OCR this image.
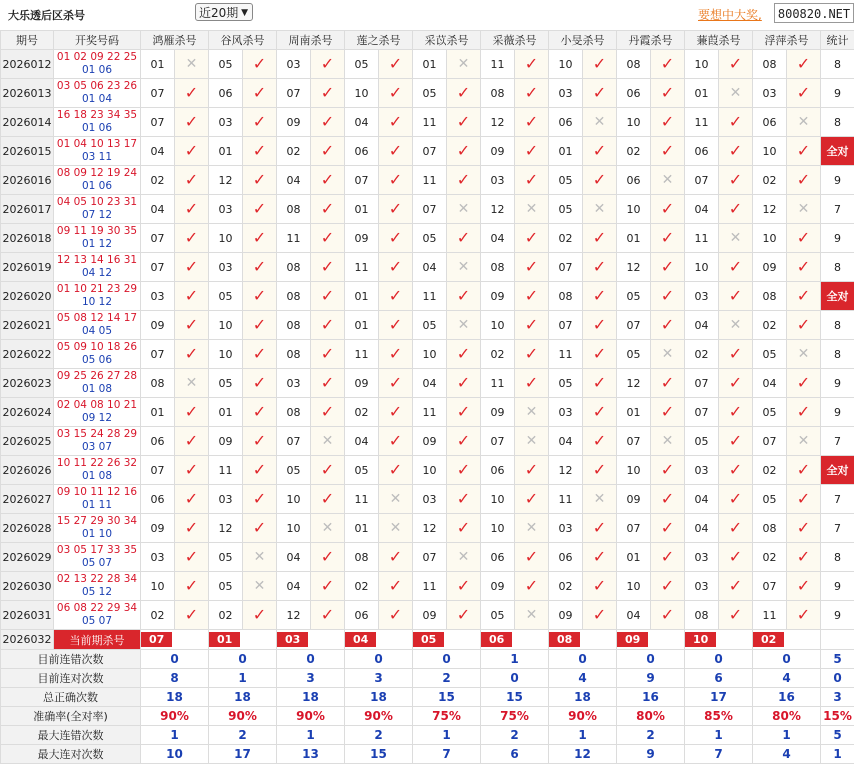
大乐透后区杀号	近20期 ▼	要想中大奖,	800820.NET
期号	开奖号码	鸿雁杀号		谷风杀号		周南杀号		莲之杀号		采苡杀号		采薇杀号		小旻杀号		丹霞杀号		蒹葭杀号		浮萍杀号		统计
2026012	01 02 09 22 25
01 06	01	✕	05	✓	03	✓	05	✓	01	✕	11	✓	10	✓	08	✓	10	✓	08	✓	8
2026013	03 05 06 23 26
01 04	07	✓	06	✓	07	✓	10	✓	05	✓	08	✓	03	✓	06	✓	01	✕	03	✓	9
2026014	16 18 23 34 35
01 06	07	✓	03	✓	09	✓	04	✓	11	✓	12	✓	06	✕	10	✓	11	✓	06	✕	8
2026015	01 04 10 13 17
03 11	04	✓	01	✓	02	✓	06	✓	07	✓	09	✓	01	✓	02	✓	06	✓	10	✓	全对
2026016	08 09 12 19 24
01 06	02	✓	12	✓	04	✓	07	✓	11	✓	03	✓	05	✓	06	✕	07	✓	02	✓	9
2026017	04 05 10 23 31
07 12	04	✓	03	✓	08	✓	01	✓	07	✕	12	✕	05	✕	10	✓	04	✓	12	✕	7
2026018	09 11 19 30 35
01 12	07	✓	10	✓	11	✓	09	✓	05	✓	04	✓	02	✓	01	✓	11	✕	10	✓	9
2026019	12 13 14 16 31
04 12	07	✓	03	✓	08	✓	11	✓	04	✕	08	✓	07	✓	12	✓	10	✓	09	✓	8
2026020	01 10 21 23 29
10 12	03	✓	05	✓	08	✓	01	✓	11	✓	09	✓	08	✓	05	✓	03	✓	08	✓	全对
2026021	05 08 12 14 17
04 05	09	✓	10	✓	08	✓	01	✓	05	✕	10	✓	07	✓	07	✓	04	✕	02	✓	8
2026022	05 09 10 18 26
05 06	07	✓	10	✓	08	✓	11	✓	10	✓	02	✓	11	✓	05	✕	02	✓	05	✕	8
2026023	09 25 26 27 28
01 08	08	✕	05	✓	03	✓	09	✓	04	✓	11	✓	05	✓	12	✓	07	✓	04	✓	9
2026024	02 04 08 10 21
09 12	01	✓	01	✓	08	✓	02	✓	11	✓	09	✕	03	✓	01	✓	07	✓	05	✓	9
2026025	03 15 24 28 29
03 07	06	✓	09	✓	07	✕	04	✓	09	✓	07	✕	04	✓	07	✕	05	✓	07	✕	7
2026026	10 11 22 26 32
01 08	07	✓	11	✓	05	✓	05	✓	10	✓	06	✓	12	✓	10	✓	03	✓	02	✓	全对
2026027	09 10 11 12 16
01 11	06	✓	03	✓	10	✓	11	✕	03	✓	10	✓	11	✕	09	✓	04	✓	05	✓	7
2026028	15 27 29 30 34
01 10	09	✓	12	✓	10	✕	01	✕	12	✓	10	✕	03	✓	07	✓	04	✓	08	✓	7
2026029	03 05 17 33 35
05 07	03	✓	05	✕	04	✓	08	✓	07	✕	06	✓	06	✓	01	✓	03	✓	02	✓	8
2026030	02 13 22 28 34
05 12	10	✓	05	✕	04	✓	02	✓	11	✓	09	✓	02	✓	10	✓	03	✓	07	✓	9
2026031	06 08 22 29 34
05 07	02	✓	02	✓	12	✓	06	✓	09	✓	05	✕	09	✓	04	✓	08	✓	11	✓	9
2026032	当前期杀号	07		01		03		04		05		06		08		09		10		02		
目前连错次数		0		0		0		0		0		1		0		0		0		0		5
目前连对次数		8		1		3		3		2		0		4		9		6		4		0
总正确次数		18		18		18		18		15		15		18		16		17		16		3
准确率(全对率)		90%		90%		90%		90%		75%		75%		90%		80%		85%		80%		15%
最大连错次数		1		2		1		2		1		2		1		2		1		1		5
最大连对次数		10		17		13		15		7		6		12		9		7		4		1
